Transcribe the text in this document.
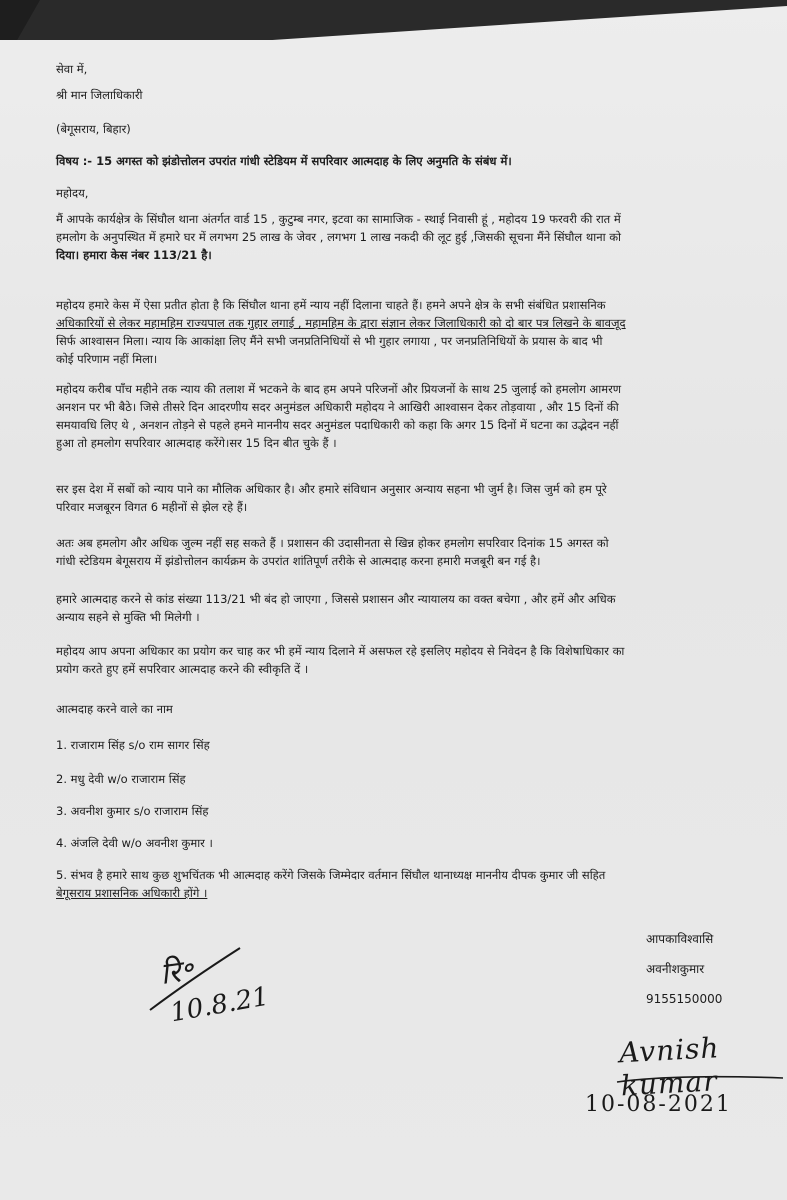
सेवा में,
श्री मान जिलाधिकारी
(बेगूसराय, बिहार)
विषय :- 15 अगस्त को झंडोत्तोलन उपरांत गांधी स्टेडियम में सपरिवार आत्मदाह के लिए अनुमति के संबंध में।
महोदय,
मैं आपके कार्यक्षेत्र के सिंघौल थाना अंतर्गत वार्ड 15 , कुटुम्ब नगर, इटवा का सामाजिक - स्थाई निवासी हूं , महोदय 19 फरवरी की रात में
हमलोग के अनुपस्थित में हमारे घर में लगभग 25 लाख के जेवर , लगभग 1 लाख नकदी की लूट हुई ,जिसकी सूचना मैंने सिंघौल थाना को
दिया। हमारा केस नंबर 113/21 है।
महोदय हमारे केस में ऐसा प्रतीत होता है कि सिंघौल थाना हमें न्याय नहीं दिलाना चाहते हैं। हमने अपने क्षेत्र के सभी संबंधित प्रशासनिक
अधिकारियों से लेकर महामहिम राज्यपाल तक गुहार लगाई , महामहिम के द्वारा संज्ञान लेकर जिलाधिकारी को दो बार पत्र लिखने के बावजूद
सिर्फ आश्वासन मिला। न्याय कि आकांक्षा लिए मैंने सभी जनप्रतिनिधियों से भी गुहार लगाया , पर जनप्रतिनिधियों के प्रयास के बाद भी
कोई परिणाम नहीं मिला।
महोदय करीब पाँच महीने तक न्याय की तलाश में भटकने के बाद हम अपने परिजनों और प्रियजनों के साथ 25 जुलाई को हमलोग आमरण
अनशन पर भी बैठे। जिसे तीसरे दिन आदरणीय सदर अनुमंडल अधिकारी महोदय ने आखिरी आश्वासन देकर तोड़वाया , और 15 दिनों की
समयावधि लिए थे , अनशन तोड़ने से पहले हमने माननीय सदर अनुमंडल पदाधिकारी को कहा कि अगर 15 दिनों में घटना का उद्भेदन नहीं
हुआ तो हमलोग सपरिवार आत्मदाह करेंगे।सर 15 दिन बीत चुके हैं ।
सर इस देश में सबों को न्याय पाने का मौलिक अधिकार है। और हमारे संविधान अनुसार अन्याय सहना भी जुर्म है। जिस जुर्म को हम पूरे
परिवार मजबूरन विगत 6 महीनों से झेल रहे हैं।
अतः अब हमलोग और अधिक जुल्म नहीं सह सकते हैं । प्रशासन की उदासीनता से खिन्न होकर हमलोग सपरिवार दिनांक 15 अगस्त को
गांधी स्टेडियम बेगूसराय में झंडोत्तोलन कार्यक्रम के उपरांत शांतिपूर्ण तरीके से आत्मदाह करना हमारी मजबूरी बन गई है।
हमारे आत्मदाह करने से कांड संख्या 113/21 भी बंद हो जाएगा , जिससे प्रशासन और न्यायालय का वक्त बचेगा , और हमें और अधिक
अन्याय सहने से मुक्ति भी मिलेगी ।
महोदय आप अपना अधिकार का प्रयोग कर चाह कर भी हमें न्याय दिलाने में असफल रहे इसलिए महोदय से निवेदन है कि विशेषाधिकार का
प्रयोग करते हुए हमें सपरिवार आत्मदाह करने की स्वीकृति दें ।
आत्मदाह करने वाले का नाम
1. राजाराम सिंह s/o राम सागर सिंह
2. मधु देवी w/o राजाराम सिंह
3. अवनीश कुमार s/o राजाराम सिंह
4. अंजलि देवी w/o अवनीश कुमार ।
5. संभव है हमारे साथ कुछ शुभचिंतक भी आत्मदाह करेंगे जिसके जिम्मेदार वर्तमान सिंघौल थानाध्यक्ष माननीय दीपक कुमार जी सहित
बेगूसराय प्रशासनिक अधिकारी होंगे ।
आपकाविश्वासि
अवनीशकुमार
9155150000
रि॰
10.8.21
Avnish kumar
10-08-2021
